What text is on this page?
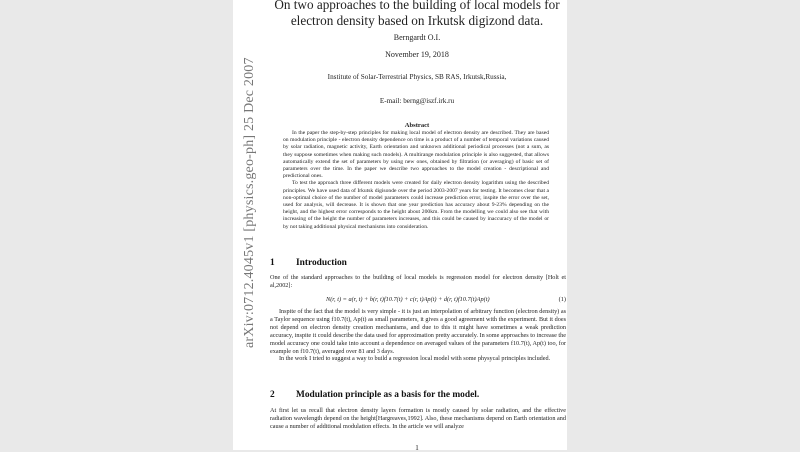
arXiv:0712.4045v1 [physics.geo-ph] 25 Dec 2007
On two approaches to the building of local models for electron density based on Irkutsk digizond data.
Berngardt O.I.
November 19, 2018
Institute of Solar-Terrestrial Physics, SB RAS, Irkutsk,Russia,
E-mail: berng@iszf.irk.ru
Abstract

In the paper the step-by-step principles for making local model of electron density are described. They are based on modulation principle - electron density dependence on time is a product of a number of temporal variations caused by solar radiation, magnetic activity, Earth orientation and unknown additional periodical processes (not a sum, as they suppose sometimes when making such models). A multirange modulation principle is also suggested, that allows automatically extend the set of parameters by using new ones, obtained by filtration (or averaging) of basic set of parameters over the time. In the paper we describe two approaches to the model creation - descriptional and predictional ones.

To test the approach three different models were created for daily electron density logarithm using the described principles. We have used data of Irkutsk digisonde over the period 2003-2007 years for testing. It becomes clear that a non-optimal choice of the number of model parameters could increase prediction error, inspite the error over the set, used for analysis, will decrease. It is shown that one year prediction has accuracy about 9-23% depending on the height, and the highest error corresponds to the height about 200km. From the modelling we could also see that with increasing of the height the number of parameters increases, and this could be caused by inaccuracy of the model or by not taking additional physical mechanisms into consideration.

1 Introduction

One of the standard approaches to the building of local models is regression model for electron density [Holt et al,2002]:

N(r, t) = a(r, t) + b(r, t)f10.7(t) + c(r, t)Ap(t) + d(r, t)f10.7(t)Ap(t)	(1)

Inspite of the fact that the model is very simple - it is just an interpolation of arbitrary function (electron density) as a Taylor sequence using f10.7(t), Ap(t) as small parameters, it gives a good agreement with the experiment. But it does not depend on electron density creation mechanisms, and due to this it might have sometimes a weak prediction accuracy, inspite it could describe the data used for approximation pretty accurately. In some approaches to increase the model accuracy one could take into account a dependence on averaged values of the parameters f10.7(t), Ap(t) too, for example on f10.7(t), averaged over 81 and 3 days.

In the work I tried to suggest a way to build a regression local model with some physycal principles included.

2 Modulation principle as a basis for the model.

At first let us recall that electron density layers formation is mostly caused by solar radiation, and the effective radiation wavelength depend on the height[Hargreaves,1992]. Also, these mechanisms depend on Earth orientation and cause a number of additional modulation effects. In the article we will analyze

1
